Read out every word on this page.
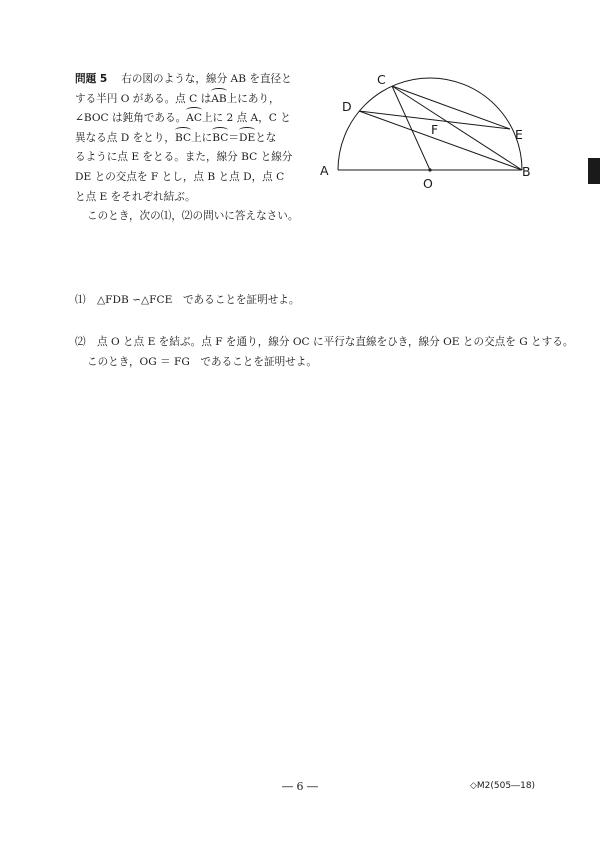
問題 5 右の図のような，線分 AB を直径と
する半円 O がある。点 C はAB上にあり，
∠BOC は鈍角である。AC上に 2 点 A，C と
異なる点 D をとり，BC上にBC＝DEとな
るように点 E をとる。また，線分 BC と線分
DE との交点を F とし，点 B と点 D，点 C
と点 E をそれぞれ結ぶ。
このとき，次の⑴，⑵の問いに答えなさい。
A	B
C
D
E
F
O
⑴ △FDB ∽△FCE　であることを証明せよ。
⑵ 点 O と点 E を結ぶ。点 F を通り，線分 OC に平行な直線をひき，線分 OE との交点を G とする。
このとき，OG ＝ FG　であることを証明せよ。
― 6 ―	◇M2(505―18)
